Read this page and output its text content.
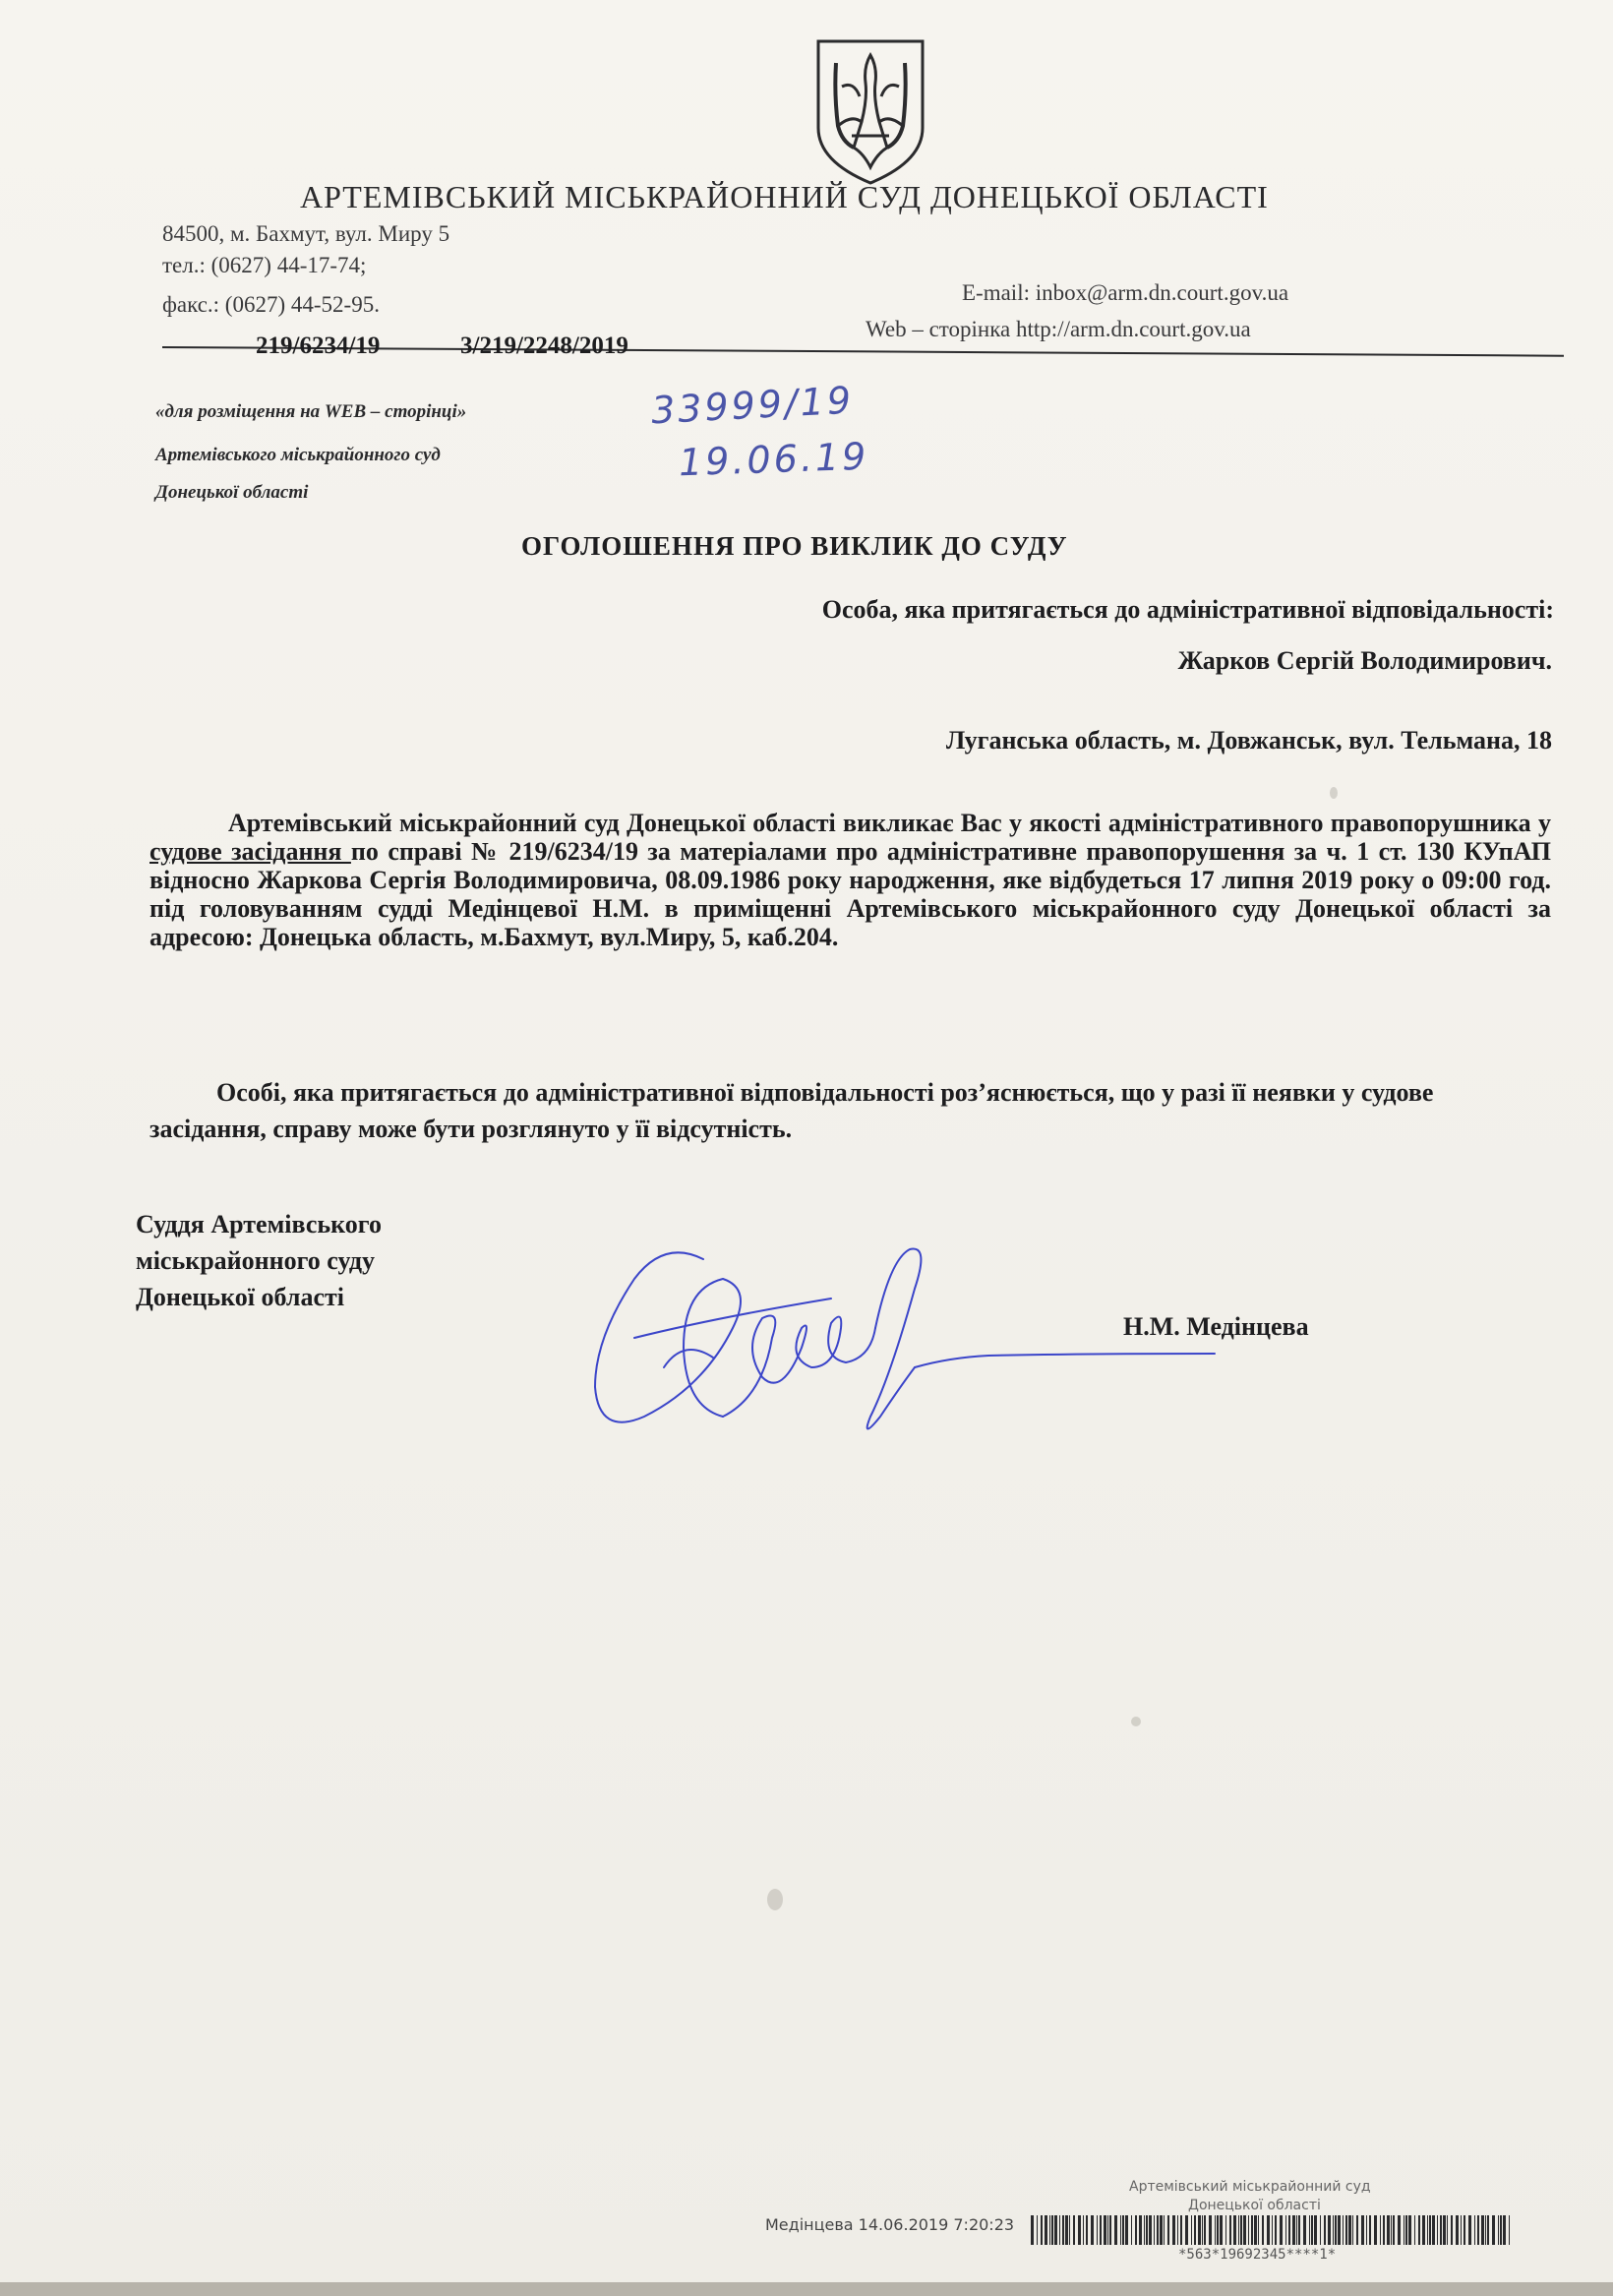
АРТЕМІВСЬКИЙ МІСЬКРАЙОННИЙ СУД ДОНЕЦЬКОЇ ОБЛАСТІ
84500, м. Бахмут, вул. Миру 5
тел.: (0627) 44-17-74;
факс.: (0627) 44-52-95.	E-mail: inbox@arm.dn.court.gov.ua
Web – сторінка http://arm.dn.court.gov.ua
219/6234/19	3/219/2248/2019
«для розміщення на WEB – сторінці»
Артемівського міськрайонного суд
Донецької області
33999/19
19.06.19
ОГОЛОШЕННЯ ПРО ВИКЛИК ДО СУДУ
Особа, яка притягається до адміністративної відповідальності:
Жарков Сергій Володимирович.
Луганська область, м. Довжанськ, вул. Тельмана, 18
Артемівський міськрайонний суд Донецької області викликає Вас у якості адміністративного правопорушника у судове засідання по справі № 219/6234/19 за матеріалами про адміністративне правопорушення за ч. 1 ст. 130 КУпАП відносно Жаркова Сергія Володимировича, 08.09.1986 року народження, яке відбудеться 17 липня 2019 року о 09:00 год. під головуванням судді Медінцевої Н.М. в приміщенні Артемівського міськрайонного суду Донецької області за адресою: Донецька область, м.Бахмут, вул.Миру, 5, каб.204.
Особі, яка притягається до адміністративної відповідальності роз’яснюється, що у разі її неявки у судове засідання, справу може бути розглянуто у її відсутність.
Суддя Артемівського
міськрайонного суду
Донецької області
Н.М. Медінцева
Артемівський міськрайонний суд
Донецької області
Медінцева 14.06.2019 7:20:23
*563*19692345****1*
